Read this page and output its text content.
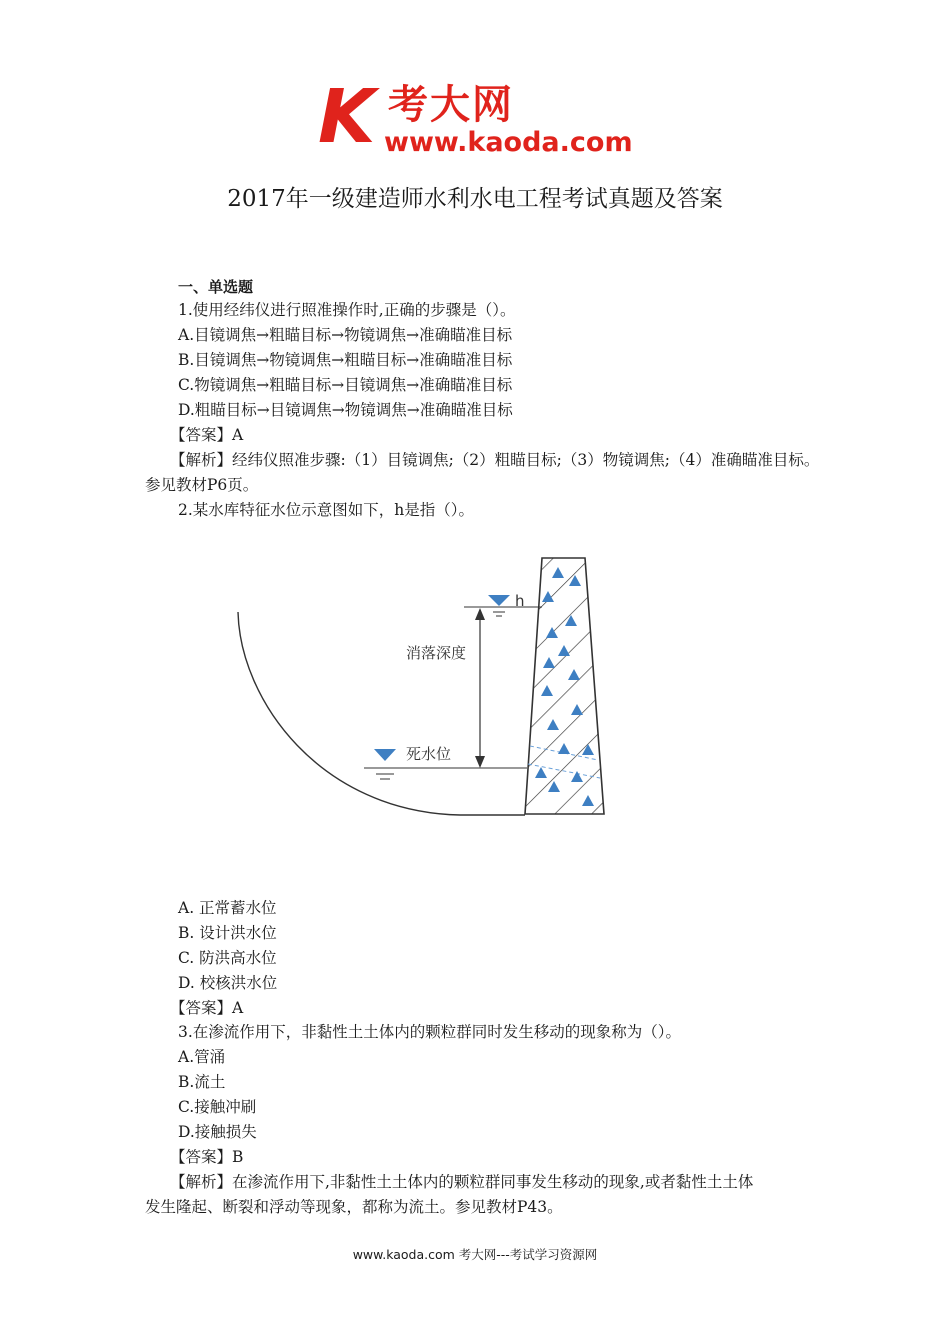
K 考大网
www.kaoda.com
2017年一级建造师水利水电工程考试真题及答案
一、单选题
1.使用经纬仪进行照准操作时,正确的步骤是（）。
A.目镜调焦→粗瞄目标→物镜调焦→准确瞄准目标
B.目镜调焦→物镜调焦→粗瞄目标→准确瞄准目标
C.物镜调焦→粗瞄目标→目镜调焦→准确瞄准目标
D.粗瞄目标→目镜调焦→物镜调焦→准确瞄准目标
【答案】A
【解析】经纬仪照准步骤:（1）目镜调焦;（2）粗瞄目标;（3）物镜调焦;（4）准确瞄准目标。
参见教材P6页。
2.某水库特征水位示意图如下，h是指（）。
h
消落深度
死水位
A. 正常蓄水位
B. 设计洪水位
C. 防洪高水位
D. 校核洪水位
【答案】A
3.在渗流作用下，非黏性土土体内的颗粒群同时发生移动的现象称为（）。
A.管涌
B.流土
C.接触冲刷
D.接触损失
【答案】B
【解析】在渗流作用下,非黏性土土体内的颗粒群同事发生移动的现象,或者黏性土土体
发生隆起、断裂和浮动等现象，都称为流土。参见教材P43。
www.kaoda.com 考大网---考试学习资源网
